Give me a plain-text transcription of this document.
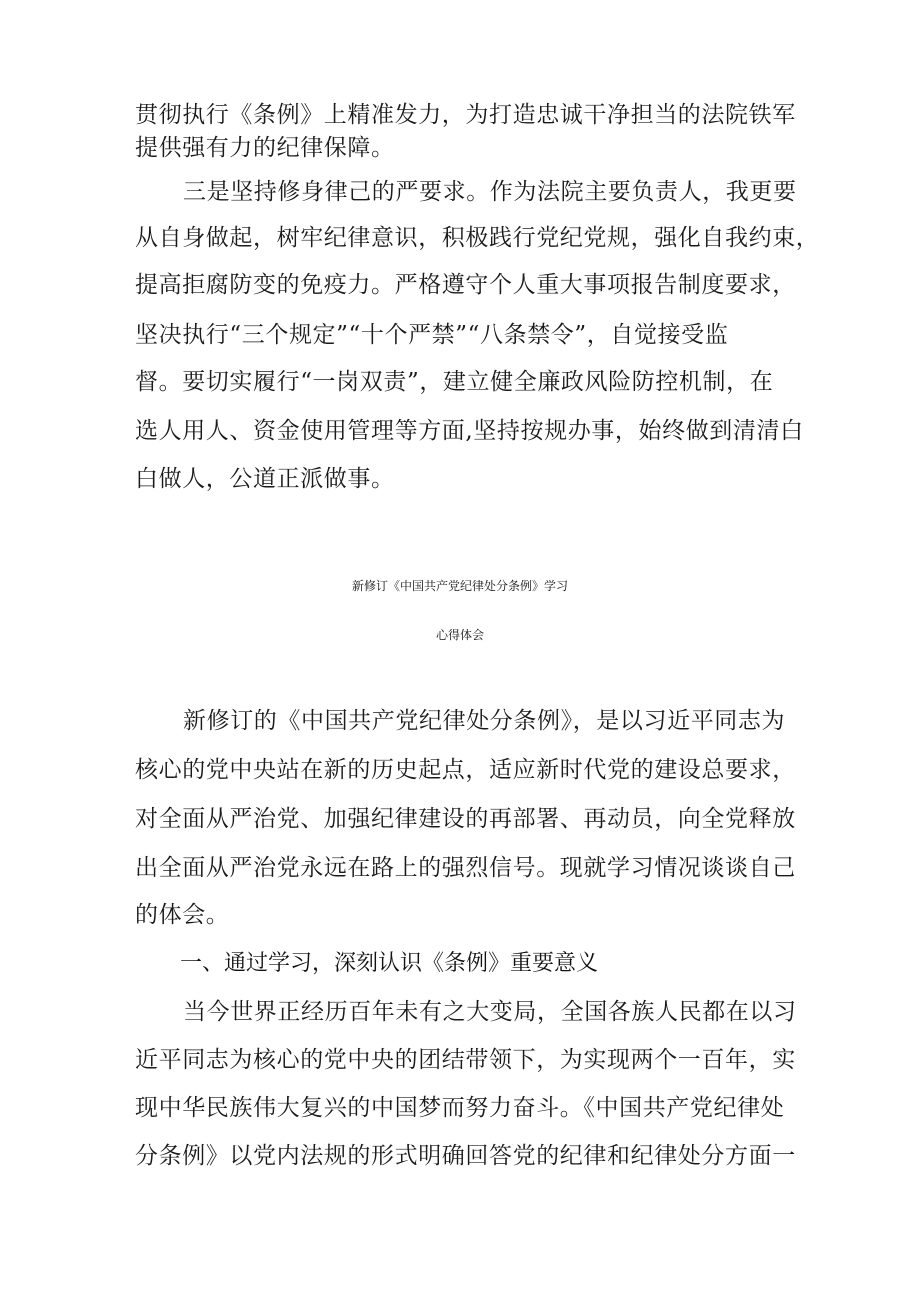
贯彻执行《条例》上精准发力，为打造忠诚干净担当的法院铁军
提供强有力的纪律保障。
三是坚持修身律己的严要求。作为法院主要负责人，我更要
从自身做起，树牢纪律意识，积极践行党纪党规，强化自我约束，
提高拒腐防变的免疫力。严格遵守个人重大事项报告制度要求，
坚决执行“三个规定”“十个严禁”“八条禁令”，自觉接受监
督。要切实履行“一岗双责”，建立健全廉政风险防控机制，在
选人用人、资金使用管理等方面,坚持按规办事，始终做到清清白
白做人，公道正派做事。
新修订《中国共产党纪律处分条例》学习
心得体会
新修订的《中国共产党纪律处分条例》，是以习近平同志为
核心的党中央站在新的历史起点，适应新时代党的建设总要求，
对全面从严治党、加强纪律建设的再部署、再动员，向全党释放
出全面从严治党永远在路上的强烈信号。现就学习情况谈谈自己
的体会。
一、通过学习，深刻认识《条例》重要意义
当今世界正经历百年未有之大变局，全国各族人民都在以习
近平同志为核心的党中央的团结带领下，为实现两个一百年，实
现中华民族伟大复兴的中国梦而努力奋斗。《中国共产党纪律处
分条例》以党内法规的形式明确回答党的纪律和纪律处分方面一
